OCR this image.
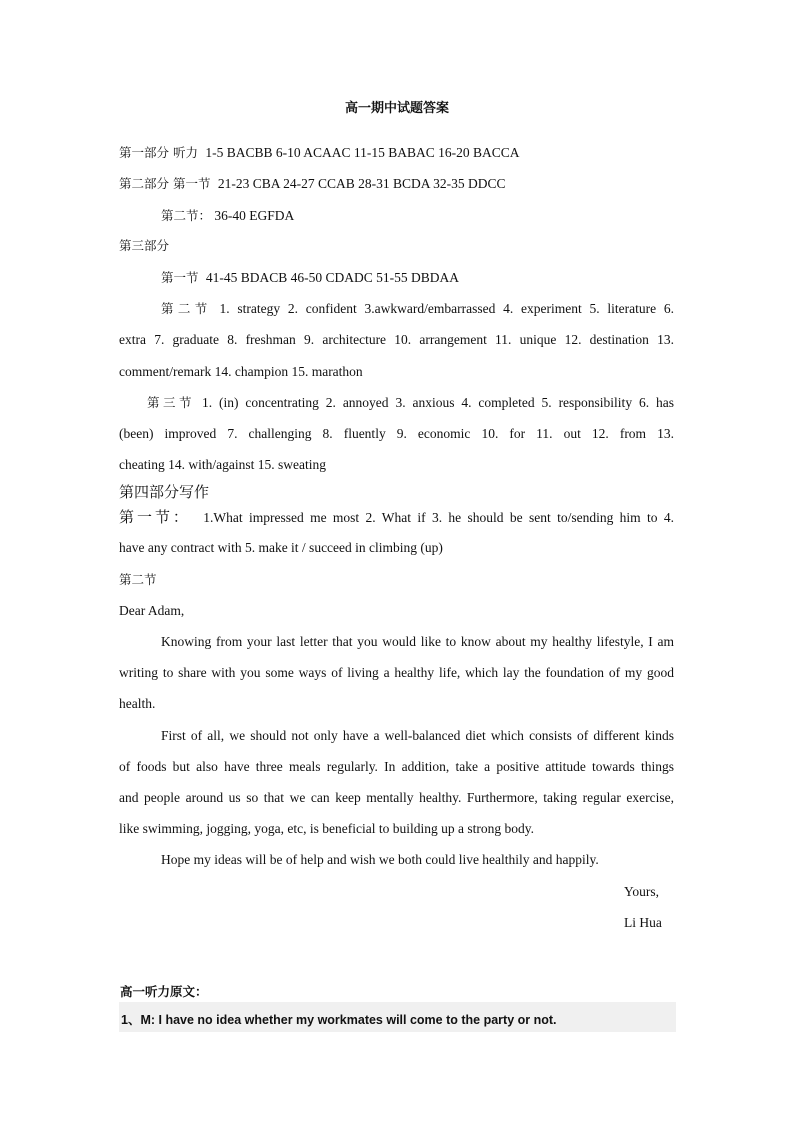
高一期中试题答案
第一部分 听力 1-5 BACBB 6-10 ACAAC 11-15 BABAC 16-20 BACCA
第二部分 第一节 21-23 CBA 24-27 CCAB 28-31 BCDA 32-35 DDCC
第二节： 36-40 EGFDA
第三部分
第一节 41-45 BDACB 46-50 CDADC 51-55 DBDAA
第二节 1. strategy 2. confident 3.awkward/embarrassed 4. experiment 5. literature 6.
extra 7. graduate 8. freshman 9. architecture 10. arrangement 11. unique 12. destination 13.
comment/remark 14. champion 15. marathon
第三节 1. (in) concentrating 2. annoyed 3. anxious 4. completed 5. responsibility 6. has
(been) improved 7. challenging 8. fluently 9. economic 10. for 11. out 12. from 13.
cheating 14. with/against 15. sweating
第四部分写作
第一节： 1.What impressed me most 2. What if 3. he should be sent to/sending him to 4.
have any contract with 5. make it / succeed in climbing (up)
第二节
Dear Adam,
Knowing from your last letter that you would like to know about my healthy lifestyle, I am
writing to share with you some ways of living a healthy life, which lay the foundation of my good
health.
First of all, we should not only have a well-balanced diet which consists of different kinds
of foods but also have three meals regularly. In addition, take a positive attitude towards things
and people around us so that we can keep mentally healthy. Furthermore, taking regular exercise,
like swimming, jogging, yoga, etc, is beneficial to building up a strong body.
Hope my ideas will be of help and wish we both could live healthily and happily.
Yours,
Li Hua
高一听力原文：
1、M: I have no idea whether my workmates will come to the party or not.
